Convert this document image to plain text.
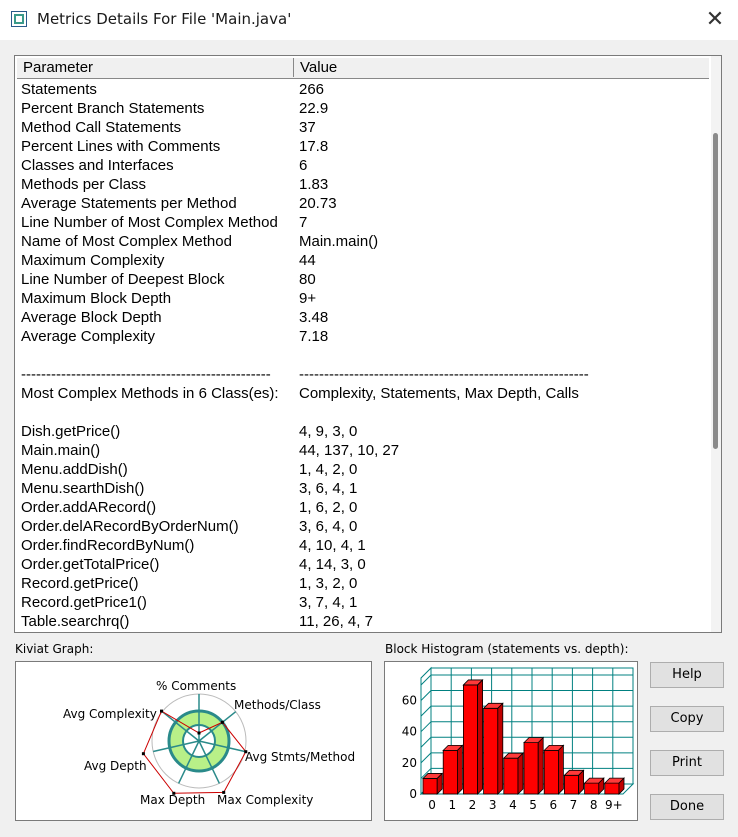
Metrics Details For File 'Main.java'	✕
Parameter	Value
Statements	266
Percent Branch Statements	22.9
Method Call Statements	37
Percent Lines with Comments	17.8
Classes and Interfaces	6
Methods per Class	1.83
Average Statements per Method	20.73
Line Number of Most Complex Method 7
Name of Most Complex Method	Main.main()
Maximum Complexity	44
Line Number of Deepest Block	80
Maximum Block Depth	9+
Average Block Depth	3.48
Average Complexity	7.18
-------------------------------------------------- ----------------------------------------------------------
Most Complex Methods in 6 Class(es): Complexity, Statements, Max Depth, Calls
Dish.getPrice()	4, 9, 3, 0
Main.main()	44, 137, 10, 27
Menu.addDish()	1, 4, 2, 0
Menu.searthDish()	3, 6, 4, 1
Order.addARecord()	1, 6, 2, 0
Order.delARecordByOrderNum()	3, 6, 4, 0
Order.findRecordByNum()	4, 10, 4, 1
Order.getTotalPrice()	4, 14, 3, 0
Record.getPrice()	1, 3, 2, 0
Record.getPrice1()	3, 7, 4, 1
Table.searchrq()	11, 26, 4, 7
Kiviat Graph:	Block Histogram (statements vs. depth):
% Comments
Methods/Class
Avg Stmts/Method
Max Complexity
Max Depth
Avg Depth
Avg Complexity
0
20
40
60
0 1 2 3 4 5 6 7 8 9+
Help
Copy
Print
Done
